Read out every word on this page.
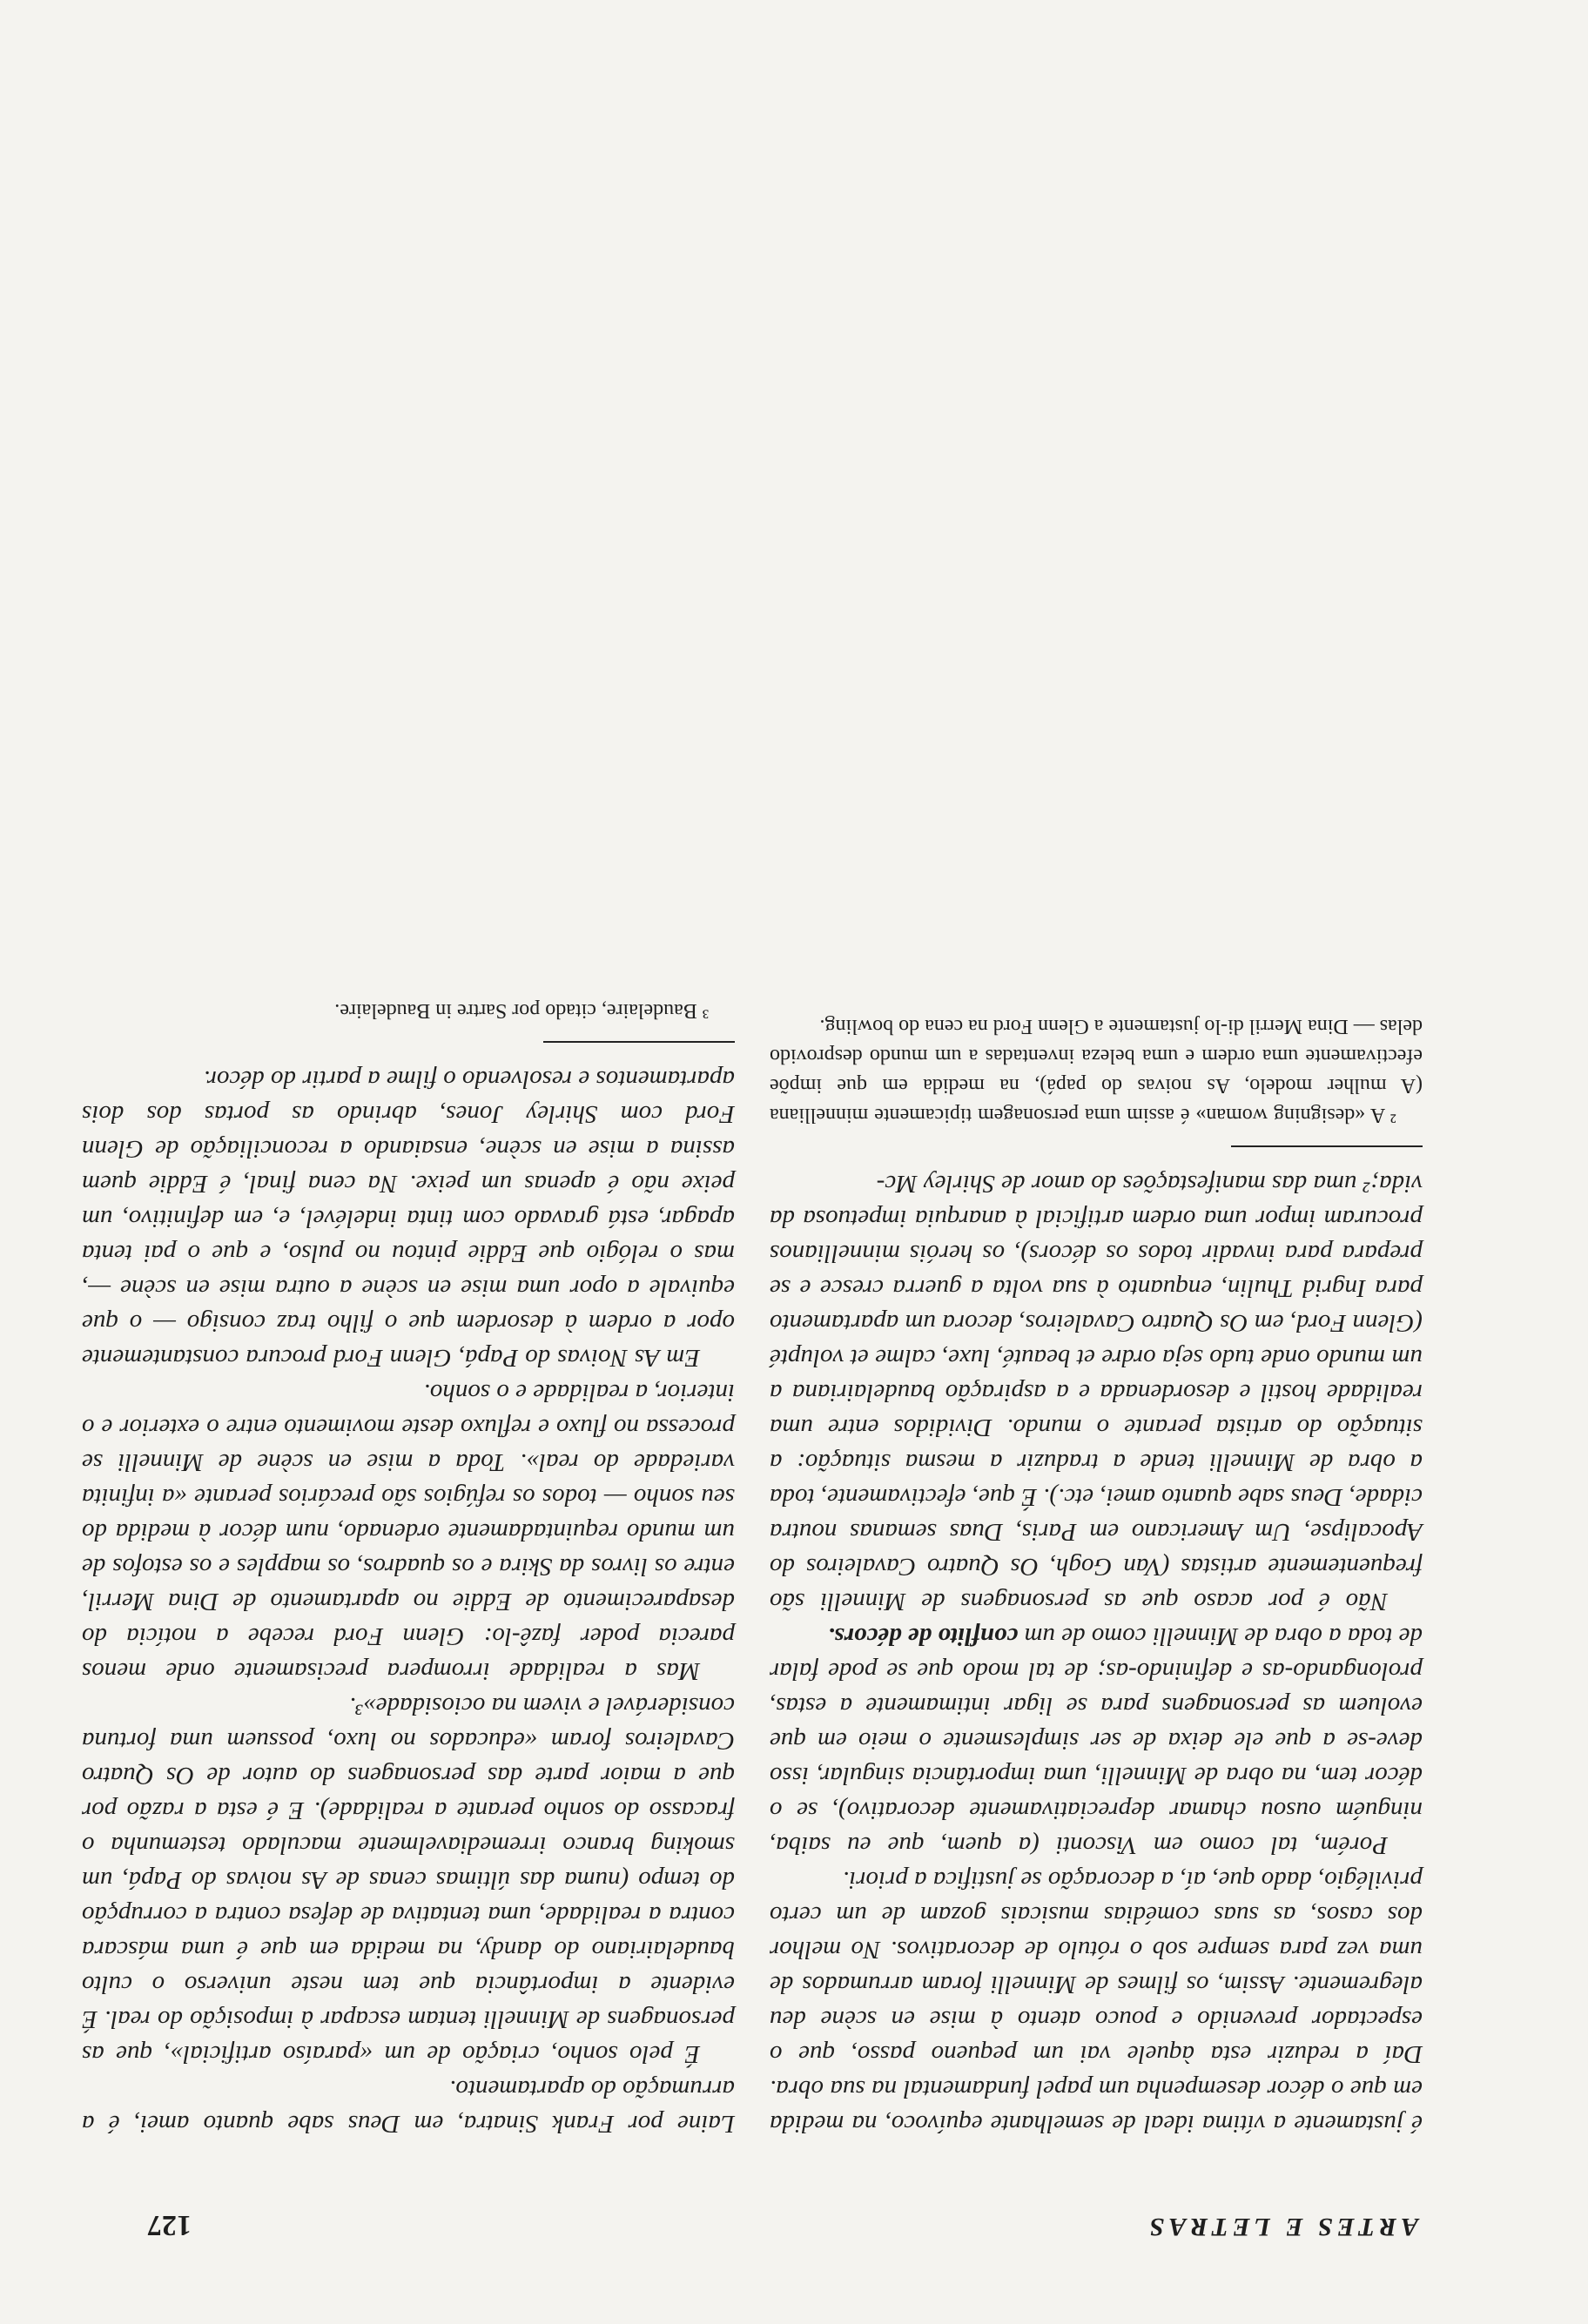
ARTES E LETRAS
127

é justamente a vítima ideal de semelhante equívoco, na medida em que o décor desempenha um papel fundamental na sua obra. Daí a reduzir esta àquele vai um pequeno passo, que o espectador prevenido e pouco atento à mise en scène deu alegremente. Assim, os filmes de Minnelli foram arrumados de uma vez para sempre sob o rótulo de decorativos. No melhor dos casos, as suas comédias musicais gozam de um certo privilégio, dado que, aí, a decoração se justifica a priori.

Porém, tal como em Visconti (a quem, que eu saiba, ninguém ousou chamar depreciativamente decorativo), se o décor tem, na obra de Minnelli, uma importância singular, isso deve-se a que ele deixa de ser simplesmente o meio em que evoluem as personagens para se ligar intimamente a estas, prolongando-as e definindo-as; de tal modo que se pode falar de toda a obra de Minnelli como de um conflito de décors.

Não é por acaso que as personagens de Minnelli são frequentemente artistas (Van Gogh, Os Quatro Cavaleiros do Apocalipse, Um Americano em Paris, Duas semanas noutra cidade, Deus sabe quanto amei, etc.). É que, efectivamente, toda a obra de Minnelli tende a traduzir a mesma situação: a situação do artista perante o mundo. Divididos entre uma realidade hostil e desordenada e a aspiração baudelairiana a um mundo onde tudo seja ordre et beauté, luxe, calme et volupté (Glenn Ford, em Os Quatro Cavaleiros, decora um apartamento para Ingrid Thulin, enquanto à sua volta a guerra cresce e se prepara para invadir todos os décors), os heróis minnellianos procuram impor uma ordem artificial à anarquia impetuosa da vida;² uma das manifestações do amor de Shirley Mc-

² A «designing woman» é assim uma personagem tipicamente minnelliana (A mulher modelo, As noivas do papá), na medida em que impõe efectivamente uma ordem e uma beleza inventadas a um mundo desprovido delas — Dina Merril di-lo justamente a Glenn Ford na cena do bowling.

Laine por Frank Sinatra, em Deus sabe quanto amei, é a arrumação do apartamento.

É pelo sonho, criação de um «paraíso artificial», que as personagens de Minnelli tentam escapar à imposição do real. É evidente a importância que tem neste universo o culto baudelairiano do dandy, na medida em que é uma máscara contra a realidade, uma tentativa de defesa contra a corrupção do tempo (numa das últimas cenas de As noivas do Papá, um smoking branco irremediavelmente maculado testemunha o fracasso do sonho perante a realidade). E é esta a razão por que a maior parte das personagens do autor de Os Quatro Cavaleiros foram «educados no luxo, possuem uma fortuna considerável e vivem na ociosidade»³.

Mas a realidade irrompera precisamente onde menos parecia poder fazê-lo: Glenn Ford recebe a notícia do desaparecimento de Eddie no apartamento de Dina Merril, entre os livros da Skira e os quadros, os mapples e os estofos de um mundo requintadamente ordenado, num décor à medida do seu sonho — todos os refúgios são precários perante «a infinita variedade do real». Toda a mise en scène de Minnelli se processa no fluxo e refluxo deste movimento entre o exterior e o interior, a realidade e o sonho.

Em As Noivas do Papá, Glenn Ford procura constantemente opor a ordem à desordem que o filho traz consigo — o que equivale a opor uma mise en scène a outra mise en scène —, mas o relógio que Eddie pintou no pulso, e que o pai tenta apagar, está gravado com tinta indelével, e, em definitivo, um peixe não é apenas um peixe. Na cena final, é Eddie quem assina a mise en scène, ensaiando a reconciliação de Glenn Ford com Shirley Jones, abrindo as portas dos dois apartamentos e resolvendo o filme a partir do décor.

³ Baudelaire, citado por Sartre in Baudelaire.
